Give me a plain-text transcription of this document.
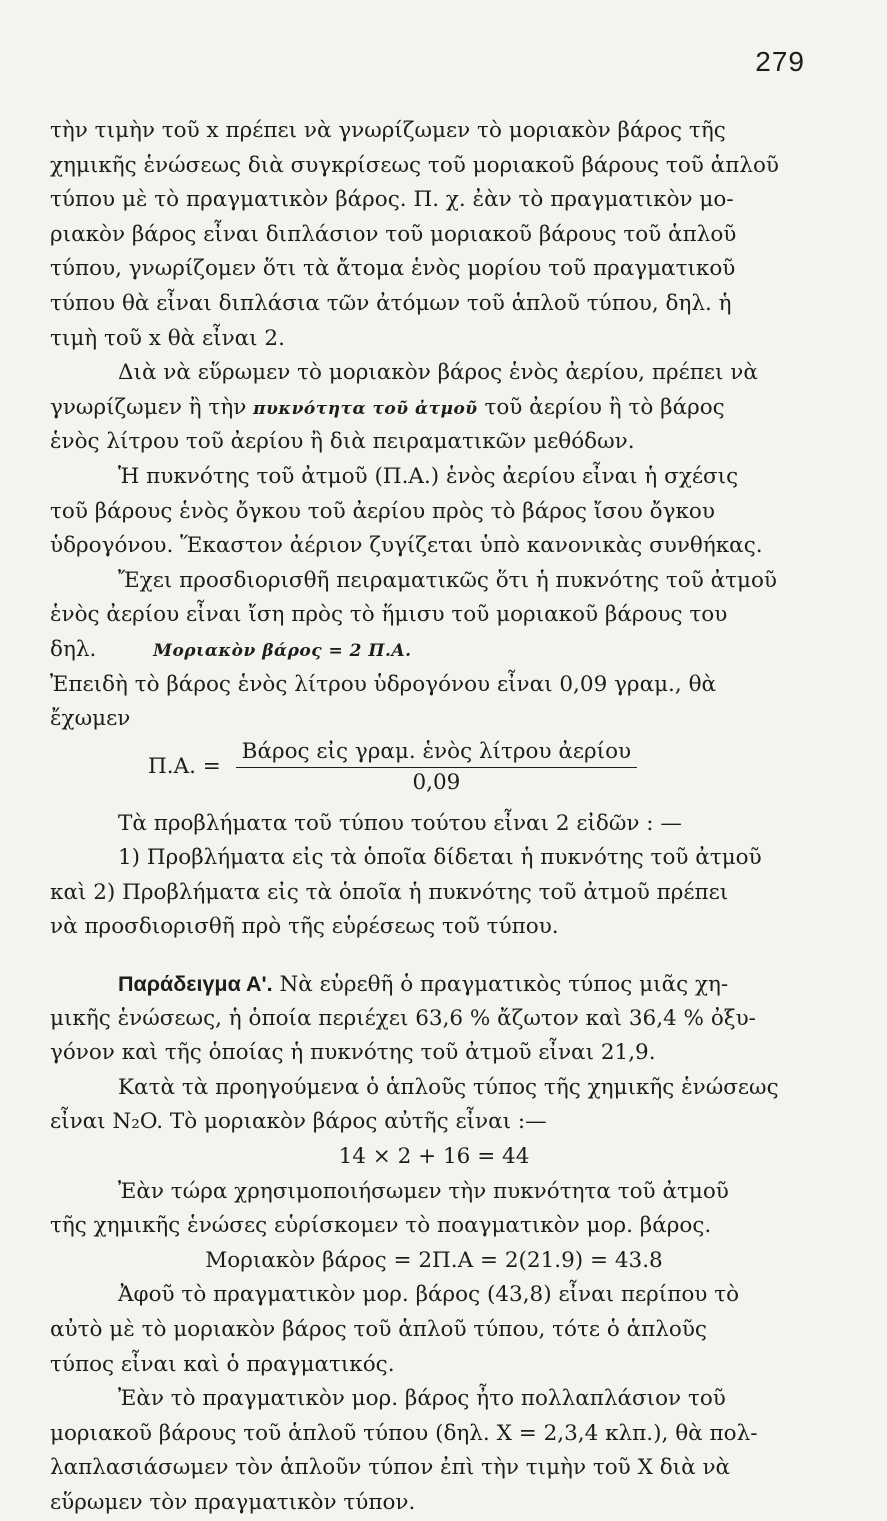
279
τὴν τιμὴν τοῦ x πρέπει νὰ γνωρίζωμεν τὸ μοριακὸν βάρος τῆς
χημικῆς ἑνώσεως διὰ συγκρίσεως τοῦ μοριακοῦ βάρους τοῦ ἁπλοῦ
τύπου μὲ τὸ πραγματικὸν βάρος. Π. χ. ἐὰν τὸ πραγματικὸν μο-
ριακὸν βάρος εἶναι διπλάσιον τοῦ μοριακοῦ βάρους τοῦ ἁπλοῦ
τύπου, γνωρίζομεν ὅτι τὰ ἄτομα ἑνὸς μορίου τοῦ πραγματικοῦ
τύπου θὰ εἶναι διπλάσια τῶν ἀτόμων τοῦ ἁπλοῦ τύπου, δηλ. ἡ
τιμὴ τοῦ x θὰ εἶναι 2.
Διὰ νὰ εὕρωμεν τὸ μοριακὸν βάρος ἑνὸς ἀερίου, πρέπει νὰ
γνωρίζωμεν ἢ τὴν πυκνότητα τοῦ ἀτμοῦ τοῦ ἀερίου ἢ τὸ βάρος
ἑνὸς λίτρου τοῦ ἀερίου ἢ διὰ πειραματικῶν μεθόδων.
Ἡ πυκνότης τοῦ ἀτμοῦ (Π.Α.) ἑνὸς ἀερίου εἶναι ἡ σχέσις
τοῦ βάρους ἑνὸς ὄγκου τοῦ ἀερίου πρὸς τὸ βάρος ἴσου ὄγκου
ὑδρογόνου. Ἕκαστον ἀέριον ζυγίζεται ὑπὸ κανονικὰς συνθήκας.
Ἔχει προσδιορισθῆ πειραματικῶς ὅτι ἡ πυκνότης τοῦ ἀτμοῦ
ἑνὸς ἀερίου εἶναι ἴση πρὸς τὸ ἥμισυ τοῦ μοριακοῦ βάρους του
δηλ.	Μοριακὸν βάρος = 2 Π.Α.
Ἐπειδὴ τὸ βάρος ἑνὸς λίτρου ὑδρογόνου εἶναι 0,09 γραμ., θὰ
ἔχωμεν
Π.Α. = $\frac{\text{Βάρος εἰς γραμ. ἑνὸς λίτρου ἀερίου}}{0,09}$
Τὰ προβλήματα τοῦ τύπου τούτου εἶναι 2 εἰδῶν : —
1) Προβλήματα εἰς τὰ ὁποῖα δίδεται ἡ πυκνότης τοῦ ἀτμοῦ
καὶ 2) Προβλήματα εἰς τὰ ὁποῖα ἡ πυκνότης τοῦ ἀτμοῦ πρέπει
νὰ προσδιορισθῆ πρὸ τῆς εὑρέσεως τοῦ τύπου.
Παράδειγμα Α'. Νὰ εὑρεθῆ ὁ πραγματικὸς τύπος μιᾶς χη-
μικῆς ἑνώσεως, ἡ ὁποία περιέχει 63,6 % ἄζωτον καὶ 36,4 % ὀξυ-
γόνον καὶ τῆς ὁποίας ἡ πυκνότης τοῦ ἀτμοῦ εἶναι 21,9.
Κατὰ τὰ προηγούμενα ὁ ἁπλοῦς τύπος τῆς χημικῆς ἑνώσεως
εἶναι N₂O. Τὸ μοριακὸν βάρος αὐτῆς εἶναι :—
14 × 2 + 16 = 44
Ἐὰν τώρα χρησιμοποιήσωμεν τὴν πυκνότητα τοῦ ἀτμοῦ
τῆς χημικῆς ἑνώσες εὑρίσκομεν τὸ ποαγματικὸν μορ. βάρος.
Μοριακὸν βάρος = 2Π.Α = 2(21.9) = 43.8
Ἀφοῦ τὸ πραγματικὸν μορ. βάρος (43,8) εἶναι περίπου τὸ
αὐτὸ μὲ τὸ μοριακὸν βάρος τοῦ ἁπλοῦ τύπου, τότε ὁ ἁπλοῦς
τύπος εἶναι καὶ ὁ πραγματικός.
Ἐὰν τὸ πραγματικὸν μορ. βάρος ἦτο πολλαπλάσιον τοῦ
μοριακοῦ βάρους τοῦ ἁπλοῦ τύπου (δηλ. X = 2,3,4 κλπ.), θὰ πολ-
λαπλασιάσωμεν τὸν ἁπλοῦν τύπον ἐπὶ τὴν τιμὴν τοῦ X διὰ νὰ
εὕρωμεν τὸν πραγματικὸν τύπον.
